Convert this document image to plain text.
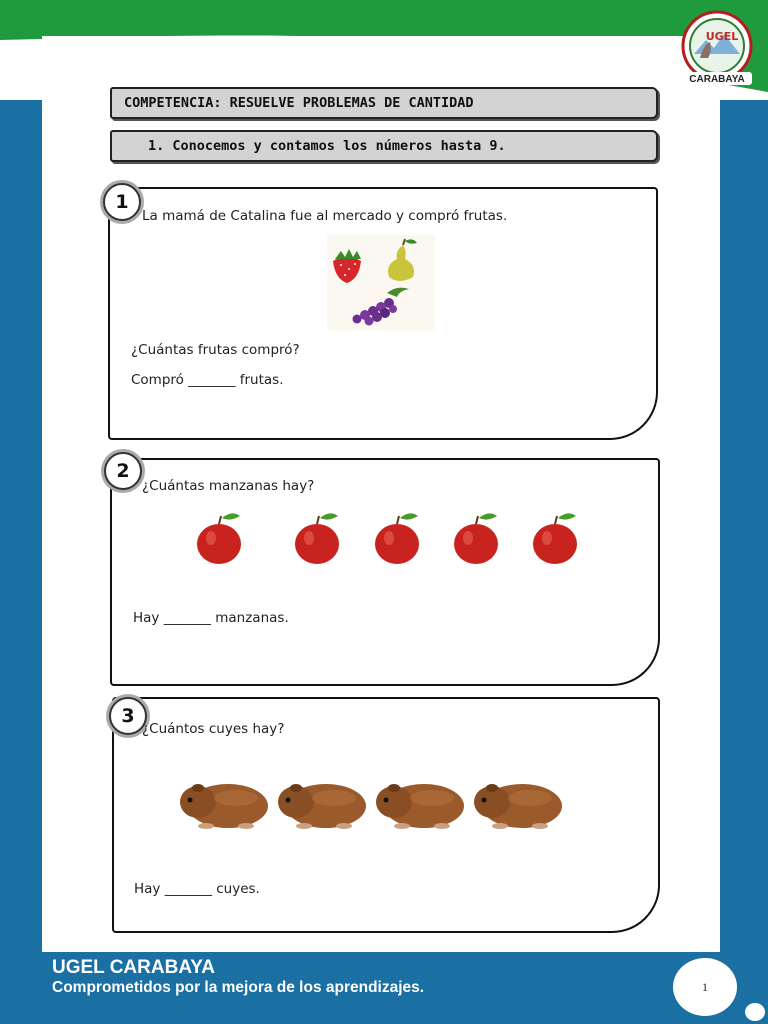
UGEL
CARABAYA
COMPETENCIA: RESUELVE PROBLEMAS DE CANTIDAD
1. Conocemos y contamos los números hasta 9.
1
La mamá de Catalina fue al mercado y compró frutas.
¿Cuántas frutas compró?
Compró _______ frutas.
2
¿Cuántas manzanas hay?
Hay _______ manzanas.
3
¿Cuántos cuyes hay?
Hay _______ cuyes.
UGEL CARABAYA
Comprometidos por la mejora de los aprendizajes.	1
